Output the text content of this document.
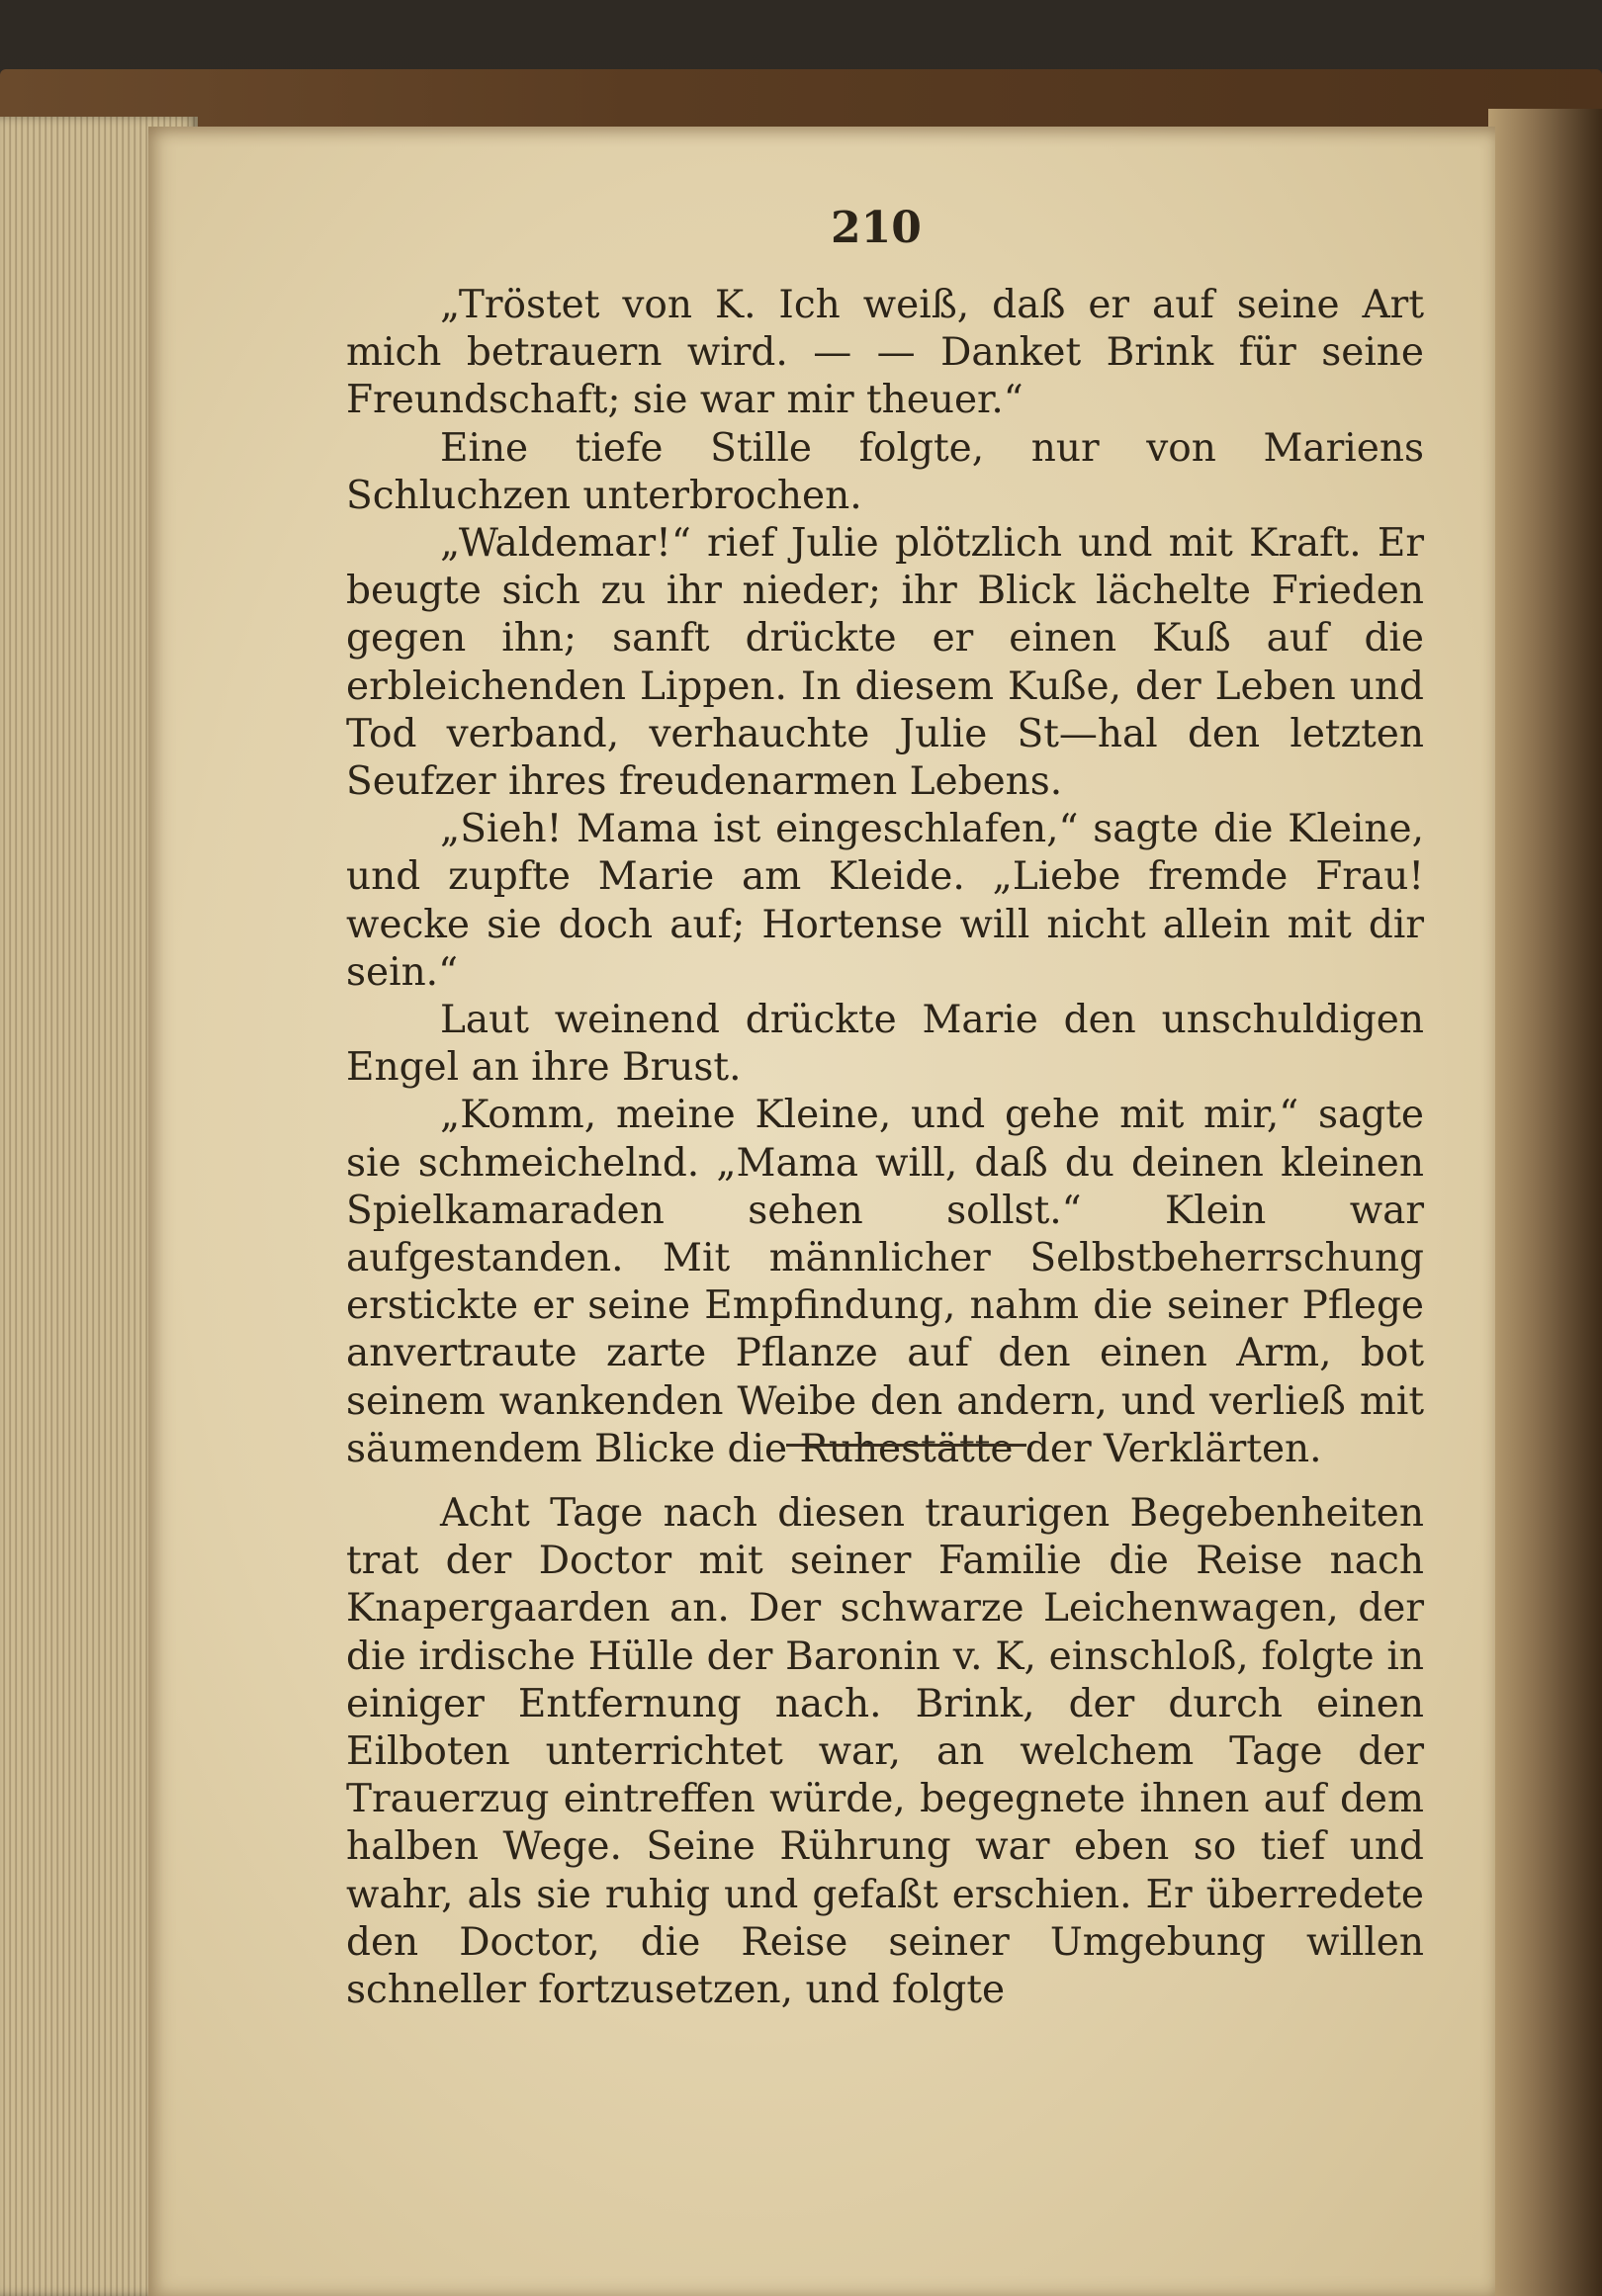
210

„Tröstet von K. Ich weiß, daß er auf seine Art mich betrauern wird. — — Danket Brink für seine Freundschaft; sie war mir theuer.“

Eine tiefe Stille folgte, nur von Mariens Schluchzen unterbrochen.

„Waldemar!“ rief Julie plötzlich und mit Kraft. Er beugte sich zu ihr nieder; ihr Blick lächelte Frieden gegen ihn; sanft drückte er einen Kuß auf die erbleichenden Lippen. In diesem Kuße, der Leben und Tod verband, verhauchte Julie St—hal den letzten Seufzer ihres freudenarmen Lebens.

„Sieh! Mama ist eingeschlafen,“ sagte die Kleine, und zupfte Marie am Kleide. „Liebe fremde Frau! wecke sie doch auf; Hortense will nicht allein mit dir sein.“

Laut weinend drückte Marie den unschuldigen Engel an ihre Brust.

„Komm, meine Kleine, und gehe mit mir,“ sagte sie schmeichelnd. „Mama will, daß du deinen kleinen Spielkamaraden sehen sollst.“ Klein war aufgestanden. Mit männlicher Selbstbeherrschung erstickte er seine Empfindung, nahm die seiner Pflege anvertraute zarte Pflanze auf den einen Arm, bot seinem wankenden Weibe den andern, und verließ mit säumendem Blicke die Ruhestätte der Verklärten.

Acht Tage nach diesen traurigen Begebenheiten trat der Doctor mit seiner Familie die Reise nach Knapergaarden an. Der schwarze Leichenwagen, der die irdische Hülle der Baronin v. K, einschloß, folgte in einiger Entfernung nach. Brink, der durch einen Eilboten unterrichtet war, an welchem Tage der Trauerzug eintreffen würde, begegnete ihnen auf dem halben Wege. Seine Rührung war eben so tief und wahr, als sie ruhig und gefaßt erschien. Er überredete den Doctor, die Reise seiner Umgebung willen schneller fortzusetzen, und folgte
